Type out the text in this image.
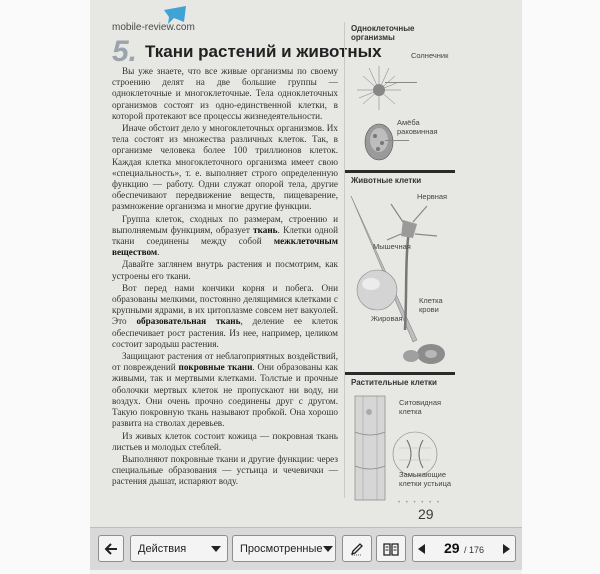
mobile-review.com
5. Ткани растений и животных

Вы уже знаете, что все живые организмы по своему строению делят на две большие группы — одноклеточные и многоклеточные. Тела одноклеточных организмов состоят из одно-единственной клетки, в которой протекают все процессы жизнедеятельности.

Иначе обстоит дело у многоклеточных организмов. Их тела состоят из множества различных клеток. Так, в организме человека более 100 триллионов клеток. Каждая клетка многоклеточного организма имеет свою «специальность», т. е. выполняет строго определенную функцию — работу. Одни служат опорой тела, другие обеспечивают передвижение веществ, пищеварение, размножение организма и многие другие функции.

Группа клеток, сходных по размерам, строению и выполняемым функциям, образует ткань. Клетки одной ткани соединены между собой межклеточным веществом.

Давайте заглянем внутрь растения и посмотрим, как устроены его ткани.

Вот перед нами кончики корня и побега. Они образованы мелкими, постоянно делящимися клетками с крупными ядрами, в их цитоплазме совсем нет вакуолей. Это образовательная ткань, деление ее клеток обеспечивает рост растения. Из нее, например, целиком состоит зародыш растения.

Защищают растения от неблагоприятных воздействий, от повреждений покровные ткани. Они образованы как живыми, так и мертвыми клетками. Толстые и прочные оболочки мертвых клеток не пропускают ни воду, ни воздух. Они очень прочно соединены друг с другом. Такую покровную ткань называют пробкой. Она хорошо развита на стволах деревьев.

Из живых клеток состоит кожица — покровная ткань листьев и молодых стеблей.

Выполняют покровные ткани и другие функции: через специальные образования — устьица и чечевички — растения дышат, испаряют воду.

Одноклеточные организмы
Солнечник
Амёба раковинная
Животные клетки
Нервная
Мышечная
Жировая
Клетка крови
Растительные клетки
Ситовидная клетка
Замыкающие клетки устьица
• • • • • •
29
Действия	Просмотренные	29 / 176
